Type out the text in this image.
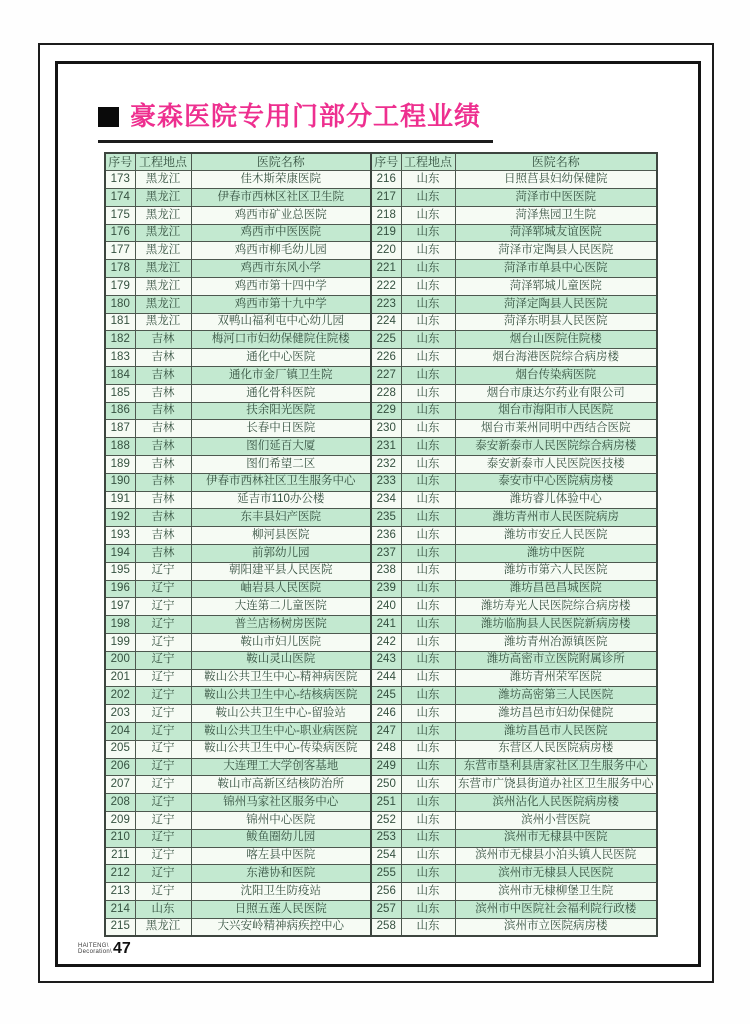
豪森医院专用门部分工程业绩
序号	工程地点	医院名称	序号	工程地点	医院名称
173	黑龙江	佳木斯荣康医院	216	山东	日照莒县妇幼保健院
174	黑龙江	伊春市西林区社区卫生院	217	山东	菏泽市中医医院
175	黑龙江	鸡西市矿业总医院	218	山东	菏泽焦园卫生院
176	黑龙江	鸡西市中医医院	219	山东	菏泽郓城友谊医院
177	黑龙江	鸡西市柳毛幼儿园	220	山东	菏泽市定陶县人民医院
178	黑龙江	鸡西市东风小学	221	山东	菏泽市单县中心医院
179	黑龙江	鸡西市第十四中学	222	山东	菏泽郓城儿童医院
180	黑龙江	鸡西市第十九中学	223	山东	菏泽定陶县人民医院
181	黑龙江	双鸭山福利屯中心幼儿园	224	山东	菏泽东明县人民医院
182	吉林	梅河口市妇幼保健院住院楼	225	山东	烟台山医院住院楼
183	吉林	通化中心医院	226	山东	烟台海港医院综合病房楼
184	吉林	通化市金厂镇卫生院	227	山东	烟台传染病医院
185	吉林	通化骨科医院	228	山东	烟台市康达尔药业有限公司
186	吉林	扶余阳光医院	229	山东	烟台市海阳市人民医院
187	吉林	长春中日医院	230	山东	烟台市莱州同明中西结合医院
188	吉林	图们延百大厦	231	山东	泰安新泰市人民医院综合病房楼
189	吉林	图们希望二区	232	山东	泰安新泰市人民医院医技楼
190	吉林	伊春市西林社区卫生服务中心	233	山东	泰安市中心医院病房楼
191	吉林	延吉市110办公楼	234	山东	潍坊睿儿体验中心
192	吉林	东丰县妇产医院	235	山东	潍坊青州市人民医院病房
193	吉林	柳河县医院	236	山东	潍坊市安丘人民医院
194	吉林	前郭幼儿园	237	山东	潍坊中医院
195	辽宁	朝阳建平县人民医院	238	山东	潍坊市第六人民医院
196	辽宁	岫岩县人民医院	239	山东	潍坊昌邑昌城医院
197	辽宁	大连第二儿童医院	240	山东	潍坊寿光人民医院综合病房楼
198	辽宁	普兰店杨树房医院	241	山东	潍坊临朐县人民医院新病房楼
199	辽宁	鞍山市妇儿医院	242	山东	潍坊青州冶源镇医院
200	辽宁	鞍山灵山医院	243	山东	潍坊高密市立医院附属诊所
201	辽宁	鞍山公共卫生中心-精神病医院	244	山东	潍坊青州荣军医院
202	辽宁	鞍山公共卫生中心-结核病医院	245	山东	潍坊高密第三人民医院
203	辽宁	鞍山公共卫生中心-留验站	246	山东	潍坊昌邑市妇幼保健院
204	辽宁	鞍山公共卫生中心-职业病医院	247	山东	潍坊昌邑市人民医院
205	辽宁	鞍山公共卫生中心-传染病医院	248	山东	东营区人民医院病房楼
206	辽宁	大连理工大学创客基地	249	山东	东营市垦利县唐家社区卫生服务中心
207	辽宁	鞍山市高新区结核防治所	250	山东	东营市广饶县街道办社区卫生服务中心
208	辽宁	锦州马家社区服务中心	251	山东	滨州沾化人民医院病房楼
209	辽宁	锦州中心医院	252	山东	滨州小营医院
210	辽宁	鲅鱼圈幼儿园	253	山东	滨州市无棣县中医院
211	辽宁	喀左县中医院	254	山东	滨州市无棣县小泊头镇人民医院
212	辽宁	东港协和医院	255	山东	滨州市无棣县人民医院
213	辽宁	沈阳卫生防疫站	256	山东	滨州市无棣柳堡卫生院
214	山东	日照五莲人民医院	257	山东	滨州市中医院社会福利院行政楼
215	黑龙江	大兴安岭精神病疾控中心	258	山东	滨州市立医院病房楼
HAITENG\
Decoration\ 47
